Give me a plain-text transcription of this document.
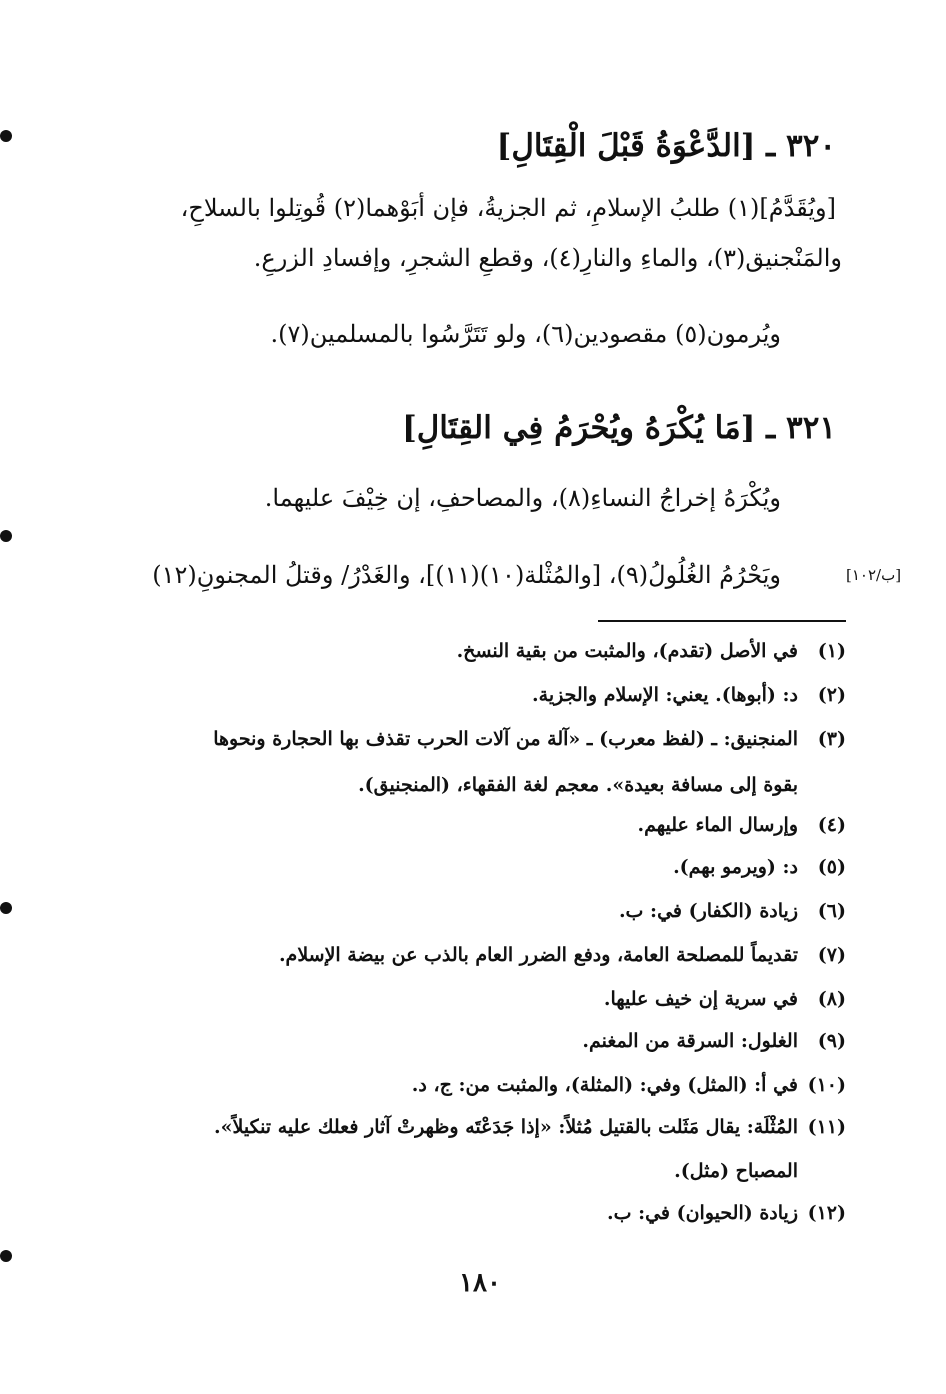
٣٢٠ ـ [الدَّعْوَةُ قَبْلَ الْقِتَالِ]
[ويُقَدَّمُ](١) طلبُ الإسلامِ، ثم الجزيةُ، فإن أبَوْهما(٢) قُوتِلوا بالسلاحِ،
والمَنْجنيق(٣)، والماءِ والنارِ(٤)، وقطعِ الشجرِ، وإفسادِ الزرعِ.
ويُرمون(٥) مقصودين(٦)، ولو تَتَرَّسُوا بالمسلمين(٧).
٣٢١ ـ [مَا يُكْرَهُ ويُحْرَمُ فِي القِتَالِ]
ويُكْرَهُ إخراجُ النساءِ(٨)، والمصاحفِ، إن خِيْفَ عليهما.
ويَحْرُمُ الغُلُولُ(٩)، [والمُثْلة(١٠)(١١)]، والغَدْرُ/ وقتلُ المجنونِ(١٢)	[ب/١٠٢]
(١)
في الأصل (تقدم)، والمثبت من بقية النسخ.
(٢)
د: (أبوها). يعني: الإسلام والجزية.
(٣)
المنجنيق: ـ (لفظ معرب) ـ «آلة من آلات الحرب تقذف بها الحجارة ونحوها
بقوة إلى مسافة بعيدة». معجم لغة الفقهاء، (المنجنيق).
(٤)
وإرسال الماء عليهم.
(٥)
د: (ويرمو بهم).
(٦)
زيادة (الكفار) في: ب.
(٧)
تقديماً للمصلحة العامة، ودفع الضرر العام بالذب عن بيضة الإسلام.
(٨)
في سرية إن خيف عليها.
(٩)
الغلول: السرقة من المغنم.
(١٠)
في أ: (المثل) وفي: (المثلة)، والمثبت من: ج، د.
(١١)
المُثْلَة: يقال مَثَلت بالقتيل مُثلاً: «إذا جَدَعْتَه وظهرتْ آثار فعلك عليه تنكيلاً».
المصباح (مثل).
(١٢)
زيادة (الحيوان) في: ب.
١٨٠
